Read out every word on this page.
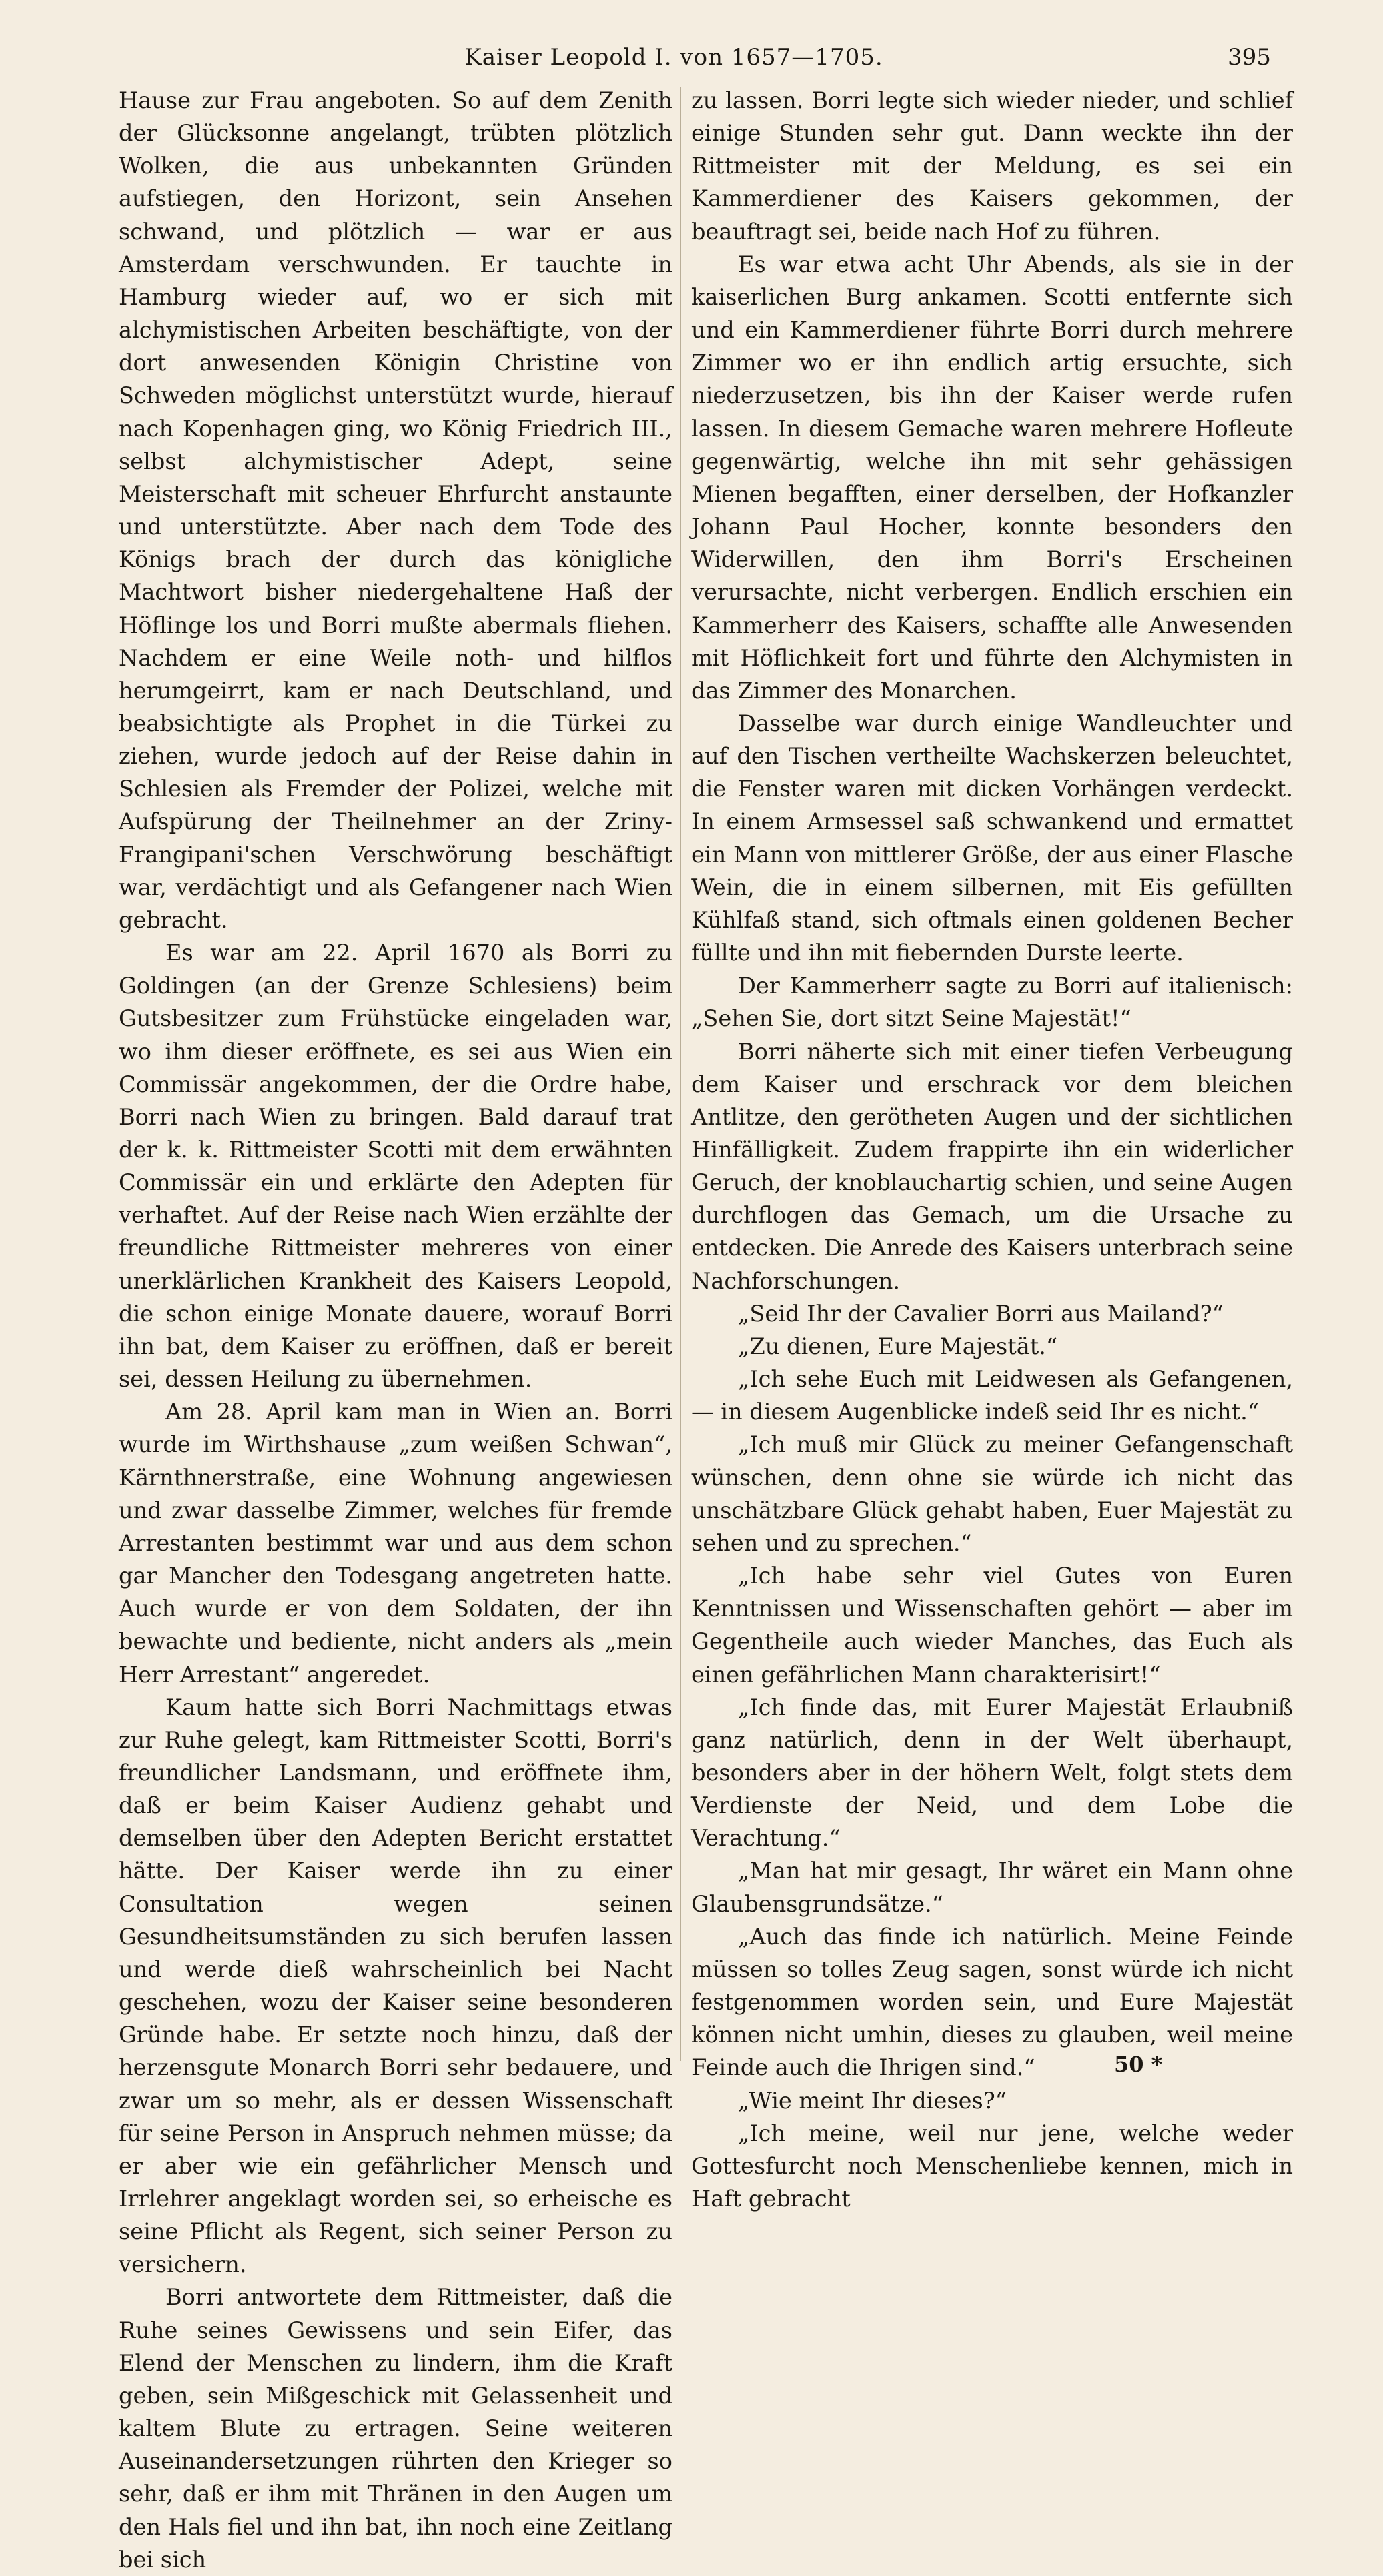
Kaiser Leopold I. von 1657—1705.	395

Hause zur Frau angeboten. So auf dem Zenith der Glücksonne angelangt, trübten plötzlich Wolken, die aus unbekannten Gründen aufstiegen, den Horizont, sein Ansehen schwand, und plötzlich — war er aus Amsterdam verschwunden. Er tauchte in Hamburg wieder auf, wo er sich mit alchymistischen Arbeiten beschäftigte, von der dort anwesenden Königin Christine von Schweden möglichst unterstützt wurde, hierauf nach Kopenhagen ging, wo König Friedrich III., selbst alchymistischer Adept, seine Meisterschaft mit scheuer Ehrfurcht anstaunte und unterstützte. Aber nach dem Tode des Königs brach der durch das königliche Machtwort bisher niedergehaltene Haß der Höflinge los und Borri mußte abermals fliehen. Nachdem er eine Weile noth- und hilflos herumgeirrt, kam er nach Deutschland, und beabsichtigte als Prophet in die Türkei zu ziehen, wurde jedoch auf der Reise dahin in Schlesien als Fremder der Polizei, welche mit Aufspürung der Theilnehmer an der Zriny-Frangipani'schen Verschwörung beschäftigt war, verdächtigt und als Gefangener nach Wien gebracht.

Es war am 22. April 1670 als Borri zu Goldingen (an der Grenze Schlesiens) beim Gutsbesitzer zum Frühstücke eingeladen war, wo ihm dieser eröffnete, es sei aus Wien ein Commissär angekommen, der die Ordre habe, Borri nach Wien zu bringen. Bald darauf trat der k. k. Rittmeister Scotti mit dem erwähnten Commissär ein und erklärte den Adepten für verhaftet. Auf der Reise nach Wien erzählte der freundliche Rittmeister mehreres von einer unerklärlichen Krankheit des Kaisers Leopold, die schon einige Monate dauere, worauf Borri ihn bat, dem Kaiser zu eröffnen, daß er bereit sei, dessen Heilung zu übernehmen.

Am 28. April kam man in Wien an. Borri wurde im Wirthshause „zum weißen Schwan“, Kärnthnerstraße, eine Wohnung angewiesen und zwar dasselbe Zimmer, welches für fremde Arrestanten bestimmt war und aus dem schon gar Mancher den Todesgang angetreten hatte. Auch wurde er von dem Soldaten, der ihn bewachte und bediente, nicht anders als „mein Herr Arrestant“ angeredet.

Kaum hatte sich Borri Nachmittags etwas zur Ruhe gelegt, kam Rittmeister Scotti, Borri's freundlicher Landsmann, und eröffnete ihm, daß er beim Kaiser Audienz gehabt und demselben über den Adepten Bericht erstattet hätte. Der Kaiser werde ihn zu einer Consultation wegen seinen Gesundheitsumständen zu sich berufen lassen und werde dieß wahrscheinlich bei Nacht geschehen, wozu der Kaiser seine besonderen Gründe habe. Er setzte noch hinzu, daß der herzensgute Monarch Borri sehr bedauere, und zwar um so mehr, als er dessen Wissenschaft für seine Person in Anspruch nehmen müsse; da er aber wie ein gefährlicher Mensch und Irrlehrer angeklagt worden sei, so erheische es seine Pflicht als Regent, sich seiner Person zu versichern.

Borri antwortete dem Rittmeister, daß die Ruhe seines Gewissens und sein Eifer, das Elend der Menschen zu lindern, ihm die Kraft geben, sein Mißgeschick mit Gelassenheit und kaltem Blute zu ertragen. Seine weiteren Auseinandersetzungen rührten den Krieger so sehr, daß er ihm mit Thränen in den Augen um den Hals fiel und ihn bat, ihn noch eine Zeitlang bei sich

zu lassen. Borri legte sich wieder nieder, und schlief einige Stunden sehr gut. Dann weckte ihn der Rittmeister mit der Meldung, es sei ein Kammerdiener des Kaisers gekommen, der beauftragt sei, beide nach Hof zu führen.

Es war etwa acht Uhr Abends, als sie in der kaiserlichen Burg ankamen. Scotti entfernte sich und ein Kammerdiener führte Borri durch mehrere Zimmer wo er ihn endlich artig ersuchte, sich niederzusetzen, bis ihn der Kaiser werde rufen lassen. In diesem Gemache waren mehrere Hofleute gegenwärtig, welche ihn mit sehr gehässigen Mienen begafften, einer derselben, der Hofkanzler Johann Paul Hocher, konnte besonders den Widerwillen, den ihm Borri's Erscheinen verursachte, nicht verbergen. Endlich erschien ein Kammerherr des Kaisers, schaffte alle Anwesenden mit Höflichkeit fort und führte den Alchymisten in das Zimmer des Monarchen.

Dasselbe war durch einige Wandleuchter und auf den Tischen vertheilte Wachskerzen beleuchtet, die Fenster waren mit dicken Vorhängen verdeckt. In einem Armsessel saß schwankend und ermattet ein Mann von mittlerer Größe, der aus einer Flasche Wein, die in einem silbernen, mit Eis gefüllten Kühlfaß stand, sich oftmals einen goldenen Becher füllte und ihn mit fiebernden Durste leerte.

Der Kammerherr sagte zu Borri auf italienisch: „Sehen Sie, dort sitzt Seine Majestät!“

Borri näherte sich mit einer tiefen Verbeugung dem Kaiser und erschrack vor dem bleichen Antlitze, den gerötheten Augen und der sichtlichen Hinfälligkeit. Zudem frappirte ihn ein widerlicher Geruch, der knoblauchartig schien, und seine Augen durchflogen das Gemach, um die Ursache zu entdecken. Die Anrede des Kaisers unterbrach seine Nachforschungen.

„Seid Ihr der Cavalier Borri aus Mailand?“

„Zu dienen, Eure Majestät.“

„Ich sehe Euch mit Leidwesen als Gefangenen, — in diesem Augenblicke indeß seid Ihr es nicht.“

„Ich muß mir Glück zu meiner Gefangenschaft wünschen, denn ohne sie würde ich nicht das unschätzbare Glück gehabt haben, Euer Majestät zu sehen und zu sprechen.“

„Ich habe sehr viel Gutes von Euren Kenntnissen und Wissenschaften gehört — aber im Gegentheile auch wieder Manches, das Euch als einen gefährlichen Mann charakterisirt!“

„Ich finde das, mit Eurer Majestät Erlaubniß ganz natürlich, denn in der Welt überhaupt, besonders aber in der höhern Welt, folgt stets dem Verdienste der Neid, und dem Lobe die Verachtung.“

„Man hat mir gesagt, Ihr wäret ein Mann ohne Glaubensgrundsätze.“

„Auch das finde ich natürlich. Meine Feinde müssen so tolles Zeug sagen, sonst würde ich nicht festgenommen worden sein, und Eure Majestät können nicht umhin, dieses zu glauben, weil meine Feinde auch die Ihrigen sind.“

„Wie meint Ihr dieses?“

„Ich meine, weil nur jene, welche weder Gottesfurcht noch Menschenliebe kennen, mich in Haft gebracht

50 *
